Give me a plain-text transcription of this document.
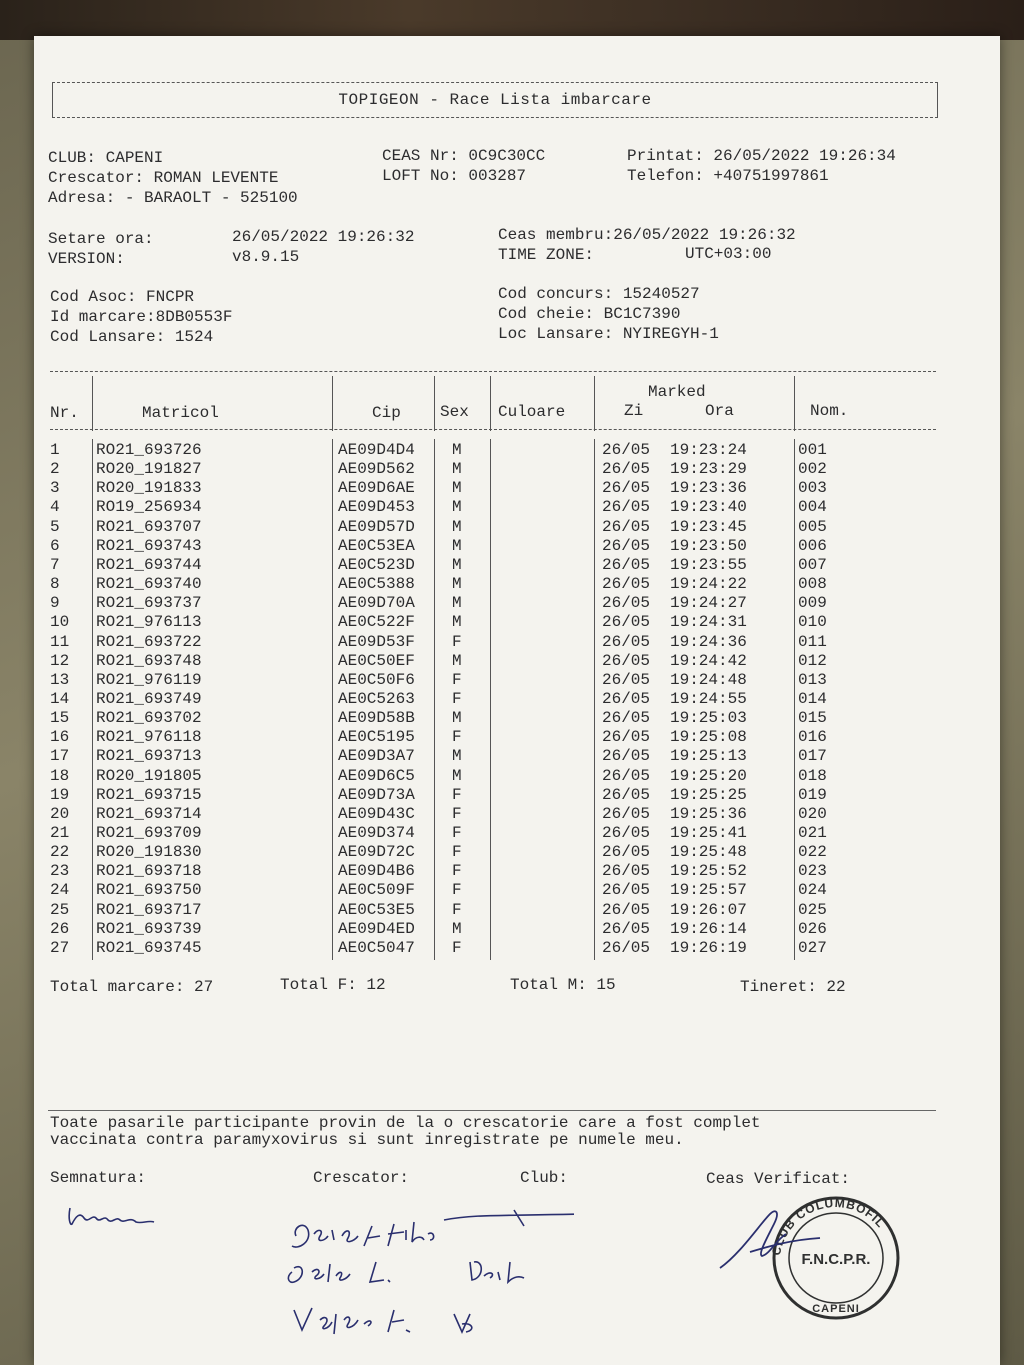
TOPIGEON - Race Lista imbarcare
CLUB: CAPENI
Crescator: ROMAN LEVENTE
Adresa: - BARAOLT - 525100
CEAS Nr: 0C9C30CC
LOFT No: 003287
Printat: 26/05/2022 19:26:34
Telefon: +40751997861
Setare ora:	26/05/2022 19:26:32
VERSION:	v8.9.15
Ceas membru:26/05/2022 19:26:32
TIME ZONE:	UTC+03:00
Cod Asoc: FNCPR
Id marcare:8DB0553F
Cod Lansare: 1524
Cod concurs: 15240527
Cod cheie: BC1C7390
Loc Lansare: NYIREGYH-1
Nr.	Matricol	Cip Sex Culoare
Marked
Zi	Ora	Nom.
1 RO21_693726	AE09D4D4 M	26/05 19:23:24	001
2 RO20_191827	AE09D562 M	26/05 19:23:29	002
3 RO20_191833	AE09D6AE M	26/05 19:23:36	003
4 RO19_256934	AE09D453 M	26/05 19:23:40	004
5 RO21_693707	AE09D57D M	26/05 19:23:45	005
6 RO21_693743	AE0C53EA M	26/05 19:23:50	006
7 RO21_693744	AE0C523D M	26/05 19:23:55	007
8 RO21_693740	AE0C5388 M	26/05 19:24:22	008
9 RO21_693737	AE09D70A M	26/05 19:24:27	009
10 RO21_976113	AE0C522F M	26/05 19:24:31	010
11 RO21_693722	AE09D53F F	26/05 19:24:36	011
12 RO21_693748	AE0C50EF M	26/05 19:24:42	012
13 RO21_976119	AE0C50F6 F	26/05 19:24:48	013
14 RO21_693749	AE0C5263 F	26/05 19:24:55	014
15 RO21_693702	AE09D58B M	26/05 19:25:03	015
16 RO21_976118	AE0C5195 F	26/05 19:25:08	016
17 RO21_693713	AE09D3A7 M	26/05 19:25:13	017
18 RO20_191805	AE09D6C5 M	26/05 19:25:20	018
19 RO21_693715	AE09D73A F	26/05 19:25:25	019
20 RO21_693714	AE09D43C F	26/05 19:25:36	020
21 RO21_693709	AE09D374 F	26/05 19:25:41	021
22 RO20_191830	AE09D72C F	26/05 19:25:48	022
23 RO21_693718	AE09D4B6 F	26/05 19:25:52	023
24 RO21_693750	AE0C509F F	26/05 19:25:57	024
25 RO21_693717	AE0C53E5 F	26/05 19:26:07	025
26 RO21_693739	AE09D4ED M	26/05 19:26:14	026
27 RO21_693745	AE0C5047 F	26/05 19:26:19	027
Total marcare: 27	Total F: 12	Total M: 15	Tineret: 22
Toate pasarile participante provin de la o crescatorie care a fost complet
vaccinata contra paramyxovirus si sunt inregistrate pe numele meu.
Semnatura:	Crescator:	Club:	Ceas Verificat:
CLUB COLUMBOFIL
F.N.C.P.R.
CAPENI
